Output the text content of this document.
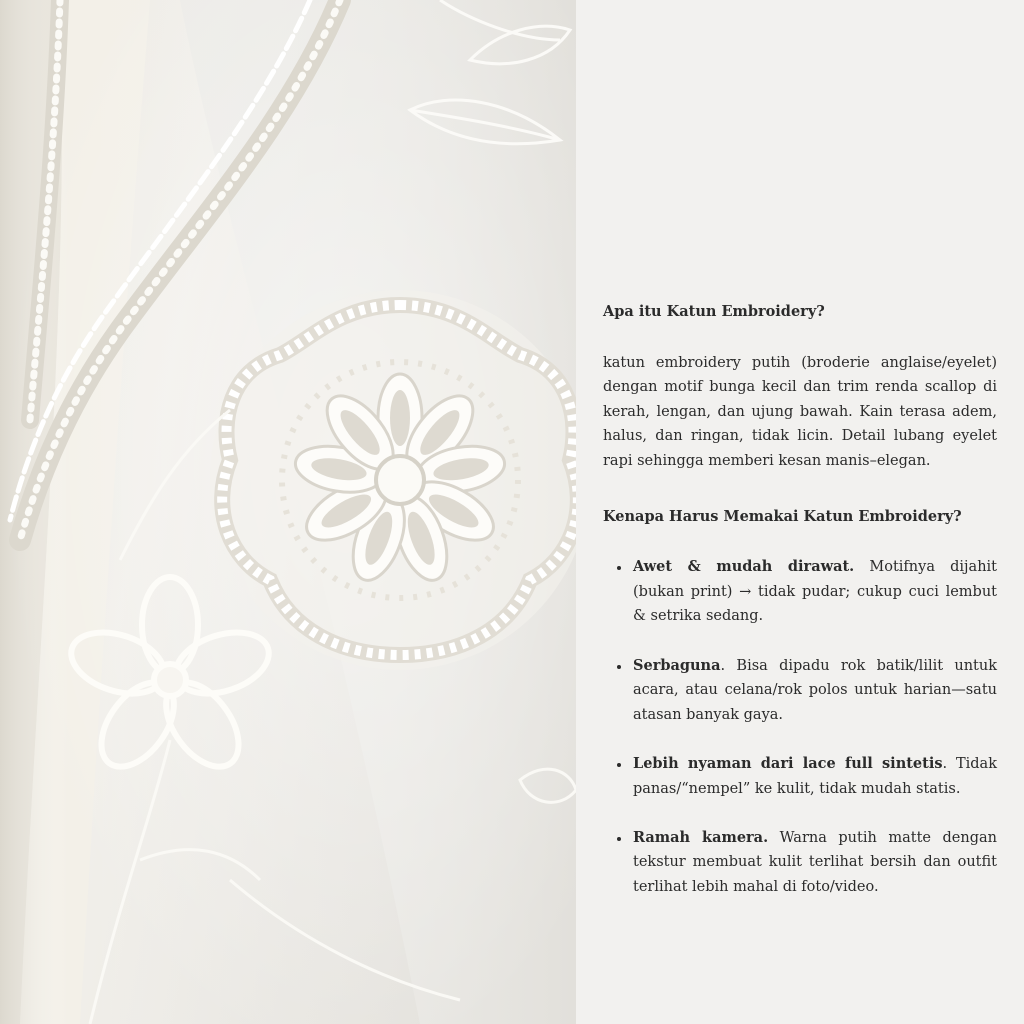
Apa itu Katun Embroidery?
katun embroidery putih (broderie anglaise/eyelet) dengan motif bunga kecil dan trim renda scallop di kerah, lengan, dan ujung bawah. Kain terasa adem, halus, dan ringan, tidak licin. Detail lubang eyelet rapi sehingga memberi kesan manis–elegan.
Kenapa Harus Memakai Katun Embroidery?
Awet & mudah dirawat. Motifnya dijahit (bukan print) → tidak pudar; cukup cuci lembut & setrika sedang.
Serbaguna. Bisa dipadu rok batik/lilit untuk acara, atau celana/rok polos untuk harian—satu atasan banyak gaya.
Lebih nyaman dari lace full sintetis. Tidak panas/“nempel” ke kulit, tidak mudah statis.
Ramah kamera. Warna putih matte dengan tekstur membuat kulit terlihat bersih dan outfit terlihat lebih mahal di foto/video.
